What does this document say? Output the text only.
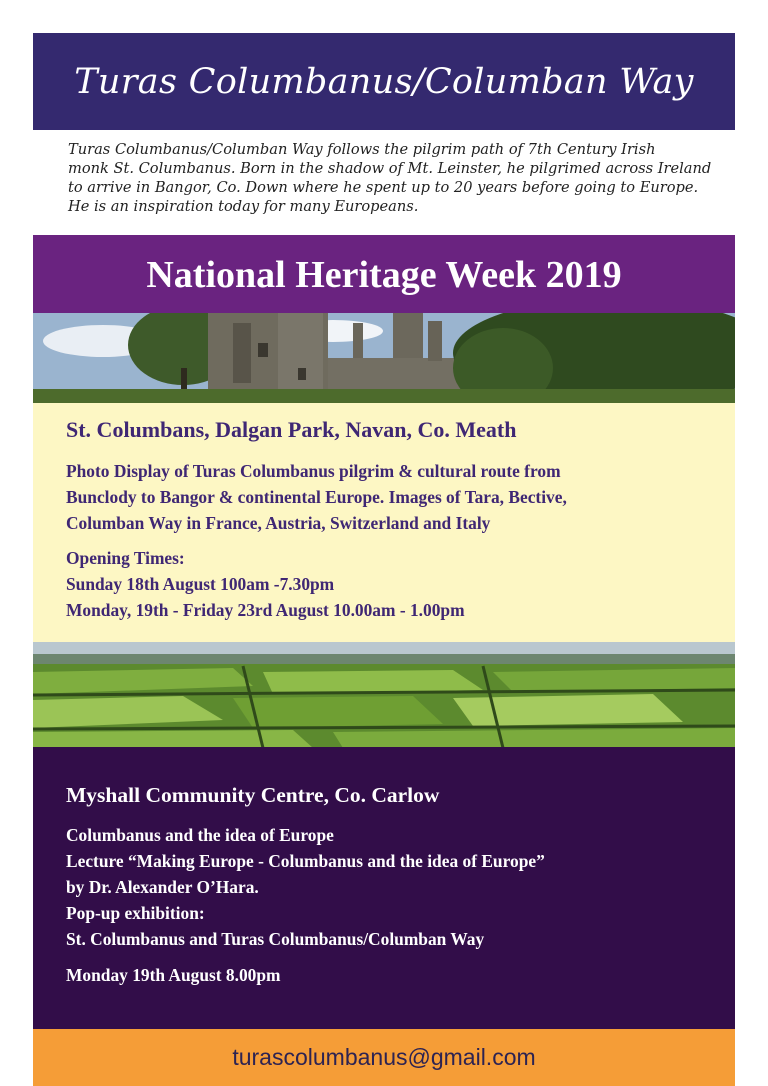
Turas Columbanus/Columban Way

Turas Columbanus/Columban Way follows the pilgrim path of 7th Century Irish

monk St. Columbanus. Born in the shadow of Mt. Leinster, he pilgrimed across Ireland

to arrive in Bangor, Co. Down where he spent up to 20 years before going to Europe.

He is an inspiration today for many Europeans.

National Heritage Week 2019
St. Columbans, Dalgan Park, Navan, Co. Meath

Photo Display of Turas Columbanus pilgrim & cultural route from

Bunclody to Bangor & continental Europe. Images of Tara, Bective,

Columban Way in France, Austria, Switzerland and Italy

Opening Times:

Sunday 18th August 100am -7.30pm

Monday, 19th - Friday 23rd August 10.00am - 1.00pm

Myshall Community Centre, Co. Carlow

Columbanus and the idea of Europe

Lecture “Making Europe - Columbanus and the idea of Europe”

by Dr. Alexander O’Hara.

Pop-up exhibition:

St. Columbanus and Turas Columbanus/Columban Way

Monday 19th August 8.00pm

turascolumbanus@gmail.com
